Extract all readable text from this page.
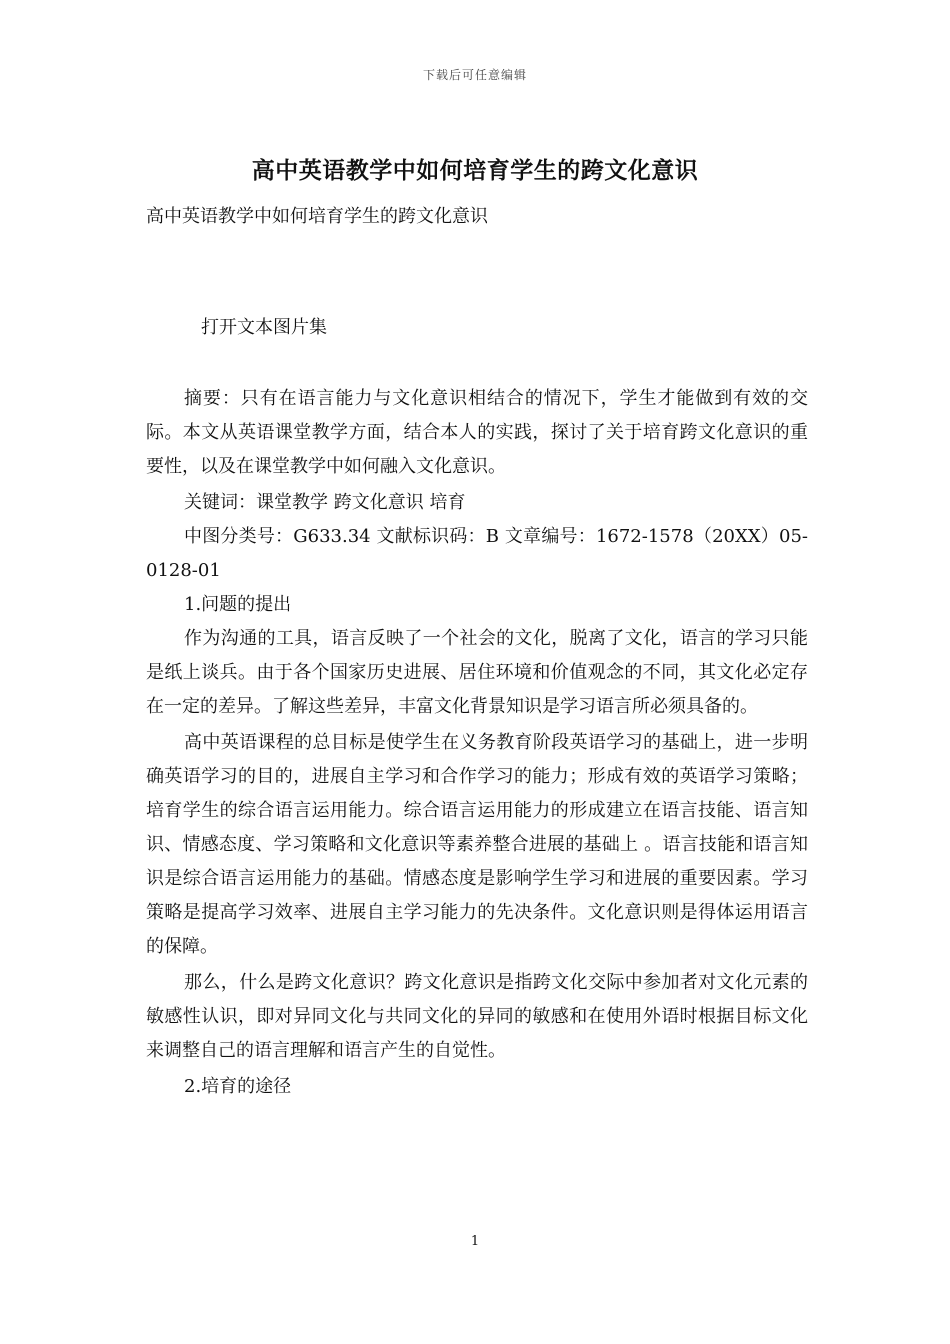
下载后可任意编辑
高中英语教学中如何培育学生的跨文化意识

高中英语教学中如何培育学生的跨文化意识

打开文本图片集

摘要：只有在语言能力与文化意识相结合的情况下，学生才能做到有效的交际。本文从英语课堂教学方面，结合本人的实践，探讨了关于培育跨文化意识的重要性，以及在课堂教学中如何融入文化意识。

关键词：课堂教学 跨文化意识 培育

中图分类号：G633.34 文献标识码：B 文章编号：1672-1578（20XX）05-0128-01

1.问题的提出

作为沟通的工具，语言反映了一个社会的文化，脱离了文化，语言的学习只能是纸上谈兵。由于各个国家历史进展、居住环境和价值观念的不同，其文化必定存在一定的差异。了解这些差异，丰富文化背景知识是学习语言所必须具备的。

高中英语课程的总目标是使学生在义务教育阶段英语学习的基础上，进一步明确英语学习的目的，进展自主学习和合作学习的能力；形成有效的英语学习策略；培育学生的综合语言运用能力。综合语言运用能力的形成建立在语言技能、语言知识、情感态度、学习策略和文化意识等素养整合进展的基础上 。语言技能和语言知识是综合语言运用能力的基础。情感态度是影响学生学习和进展的重要因素。学习策略是提高学习效率、进展自主学习能力的先决条件。文化意识则是得体运用语言的保障。

那么，什么是跨文化意识？跨文化意识是指跨文化交际中参加者对文化元素的敏感性认识，即对异同文化与共同文化的异同的敏感和在使用外语时根据目标文化来调整自己的语言理解和语言产生的自觉性。

2.培育的途径

1
